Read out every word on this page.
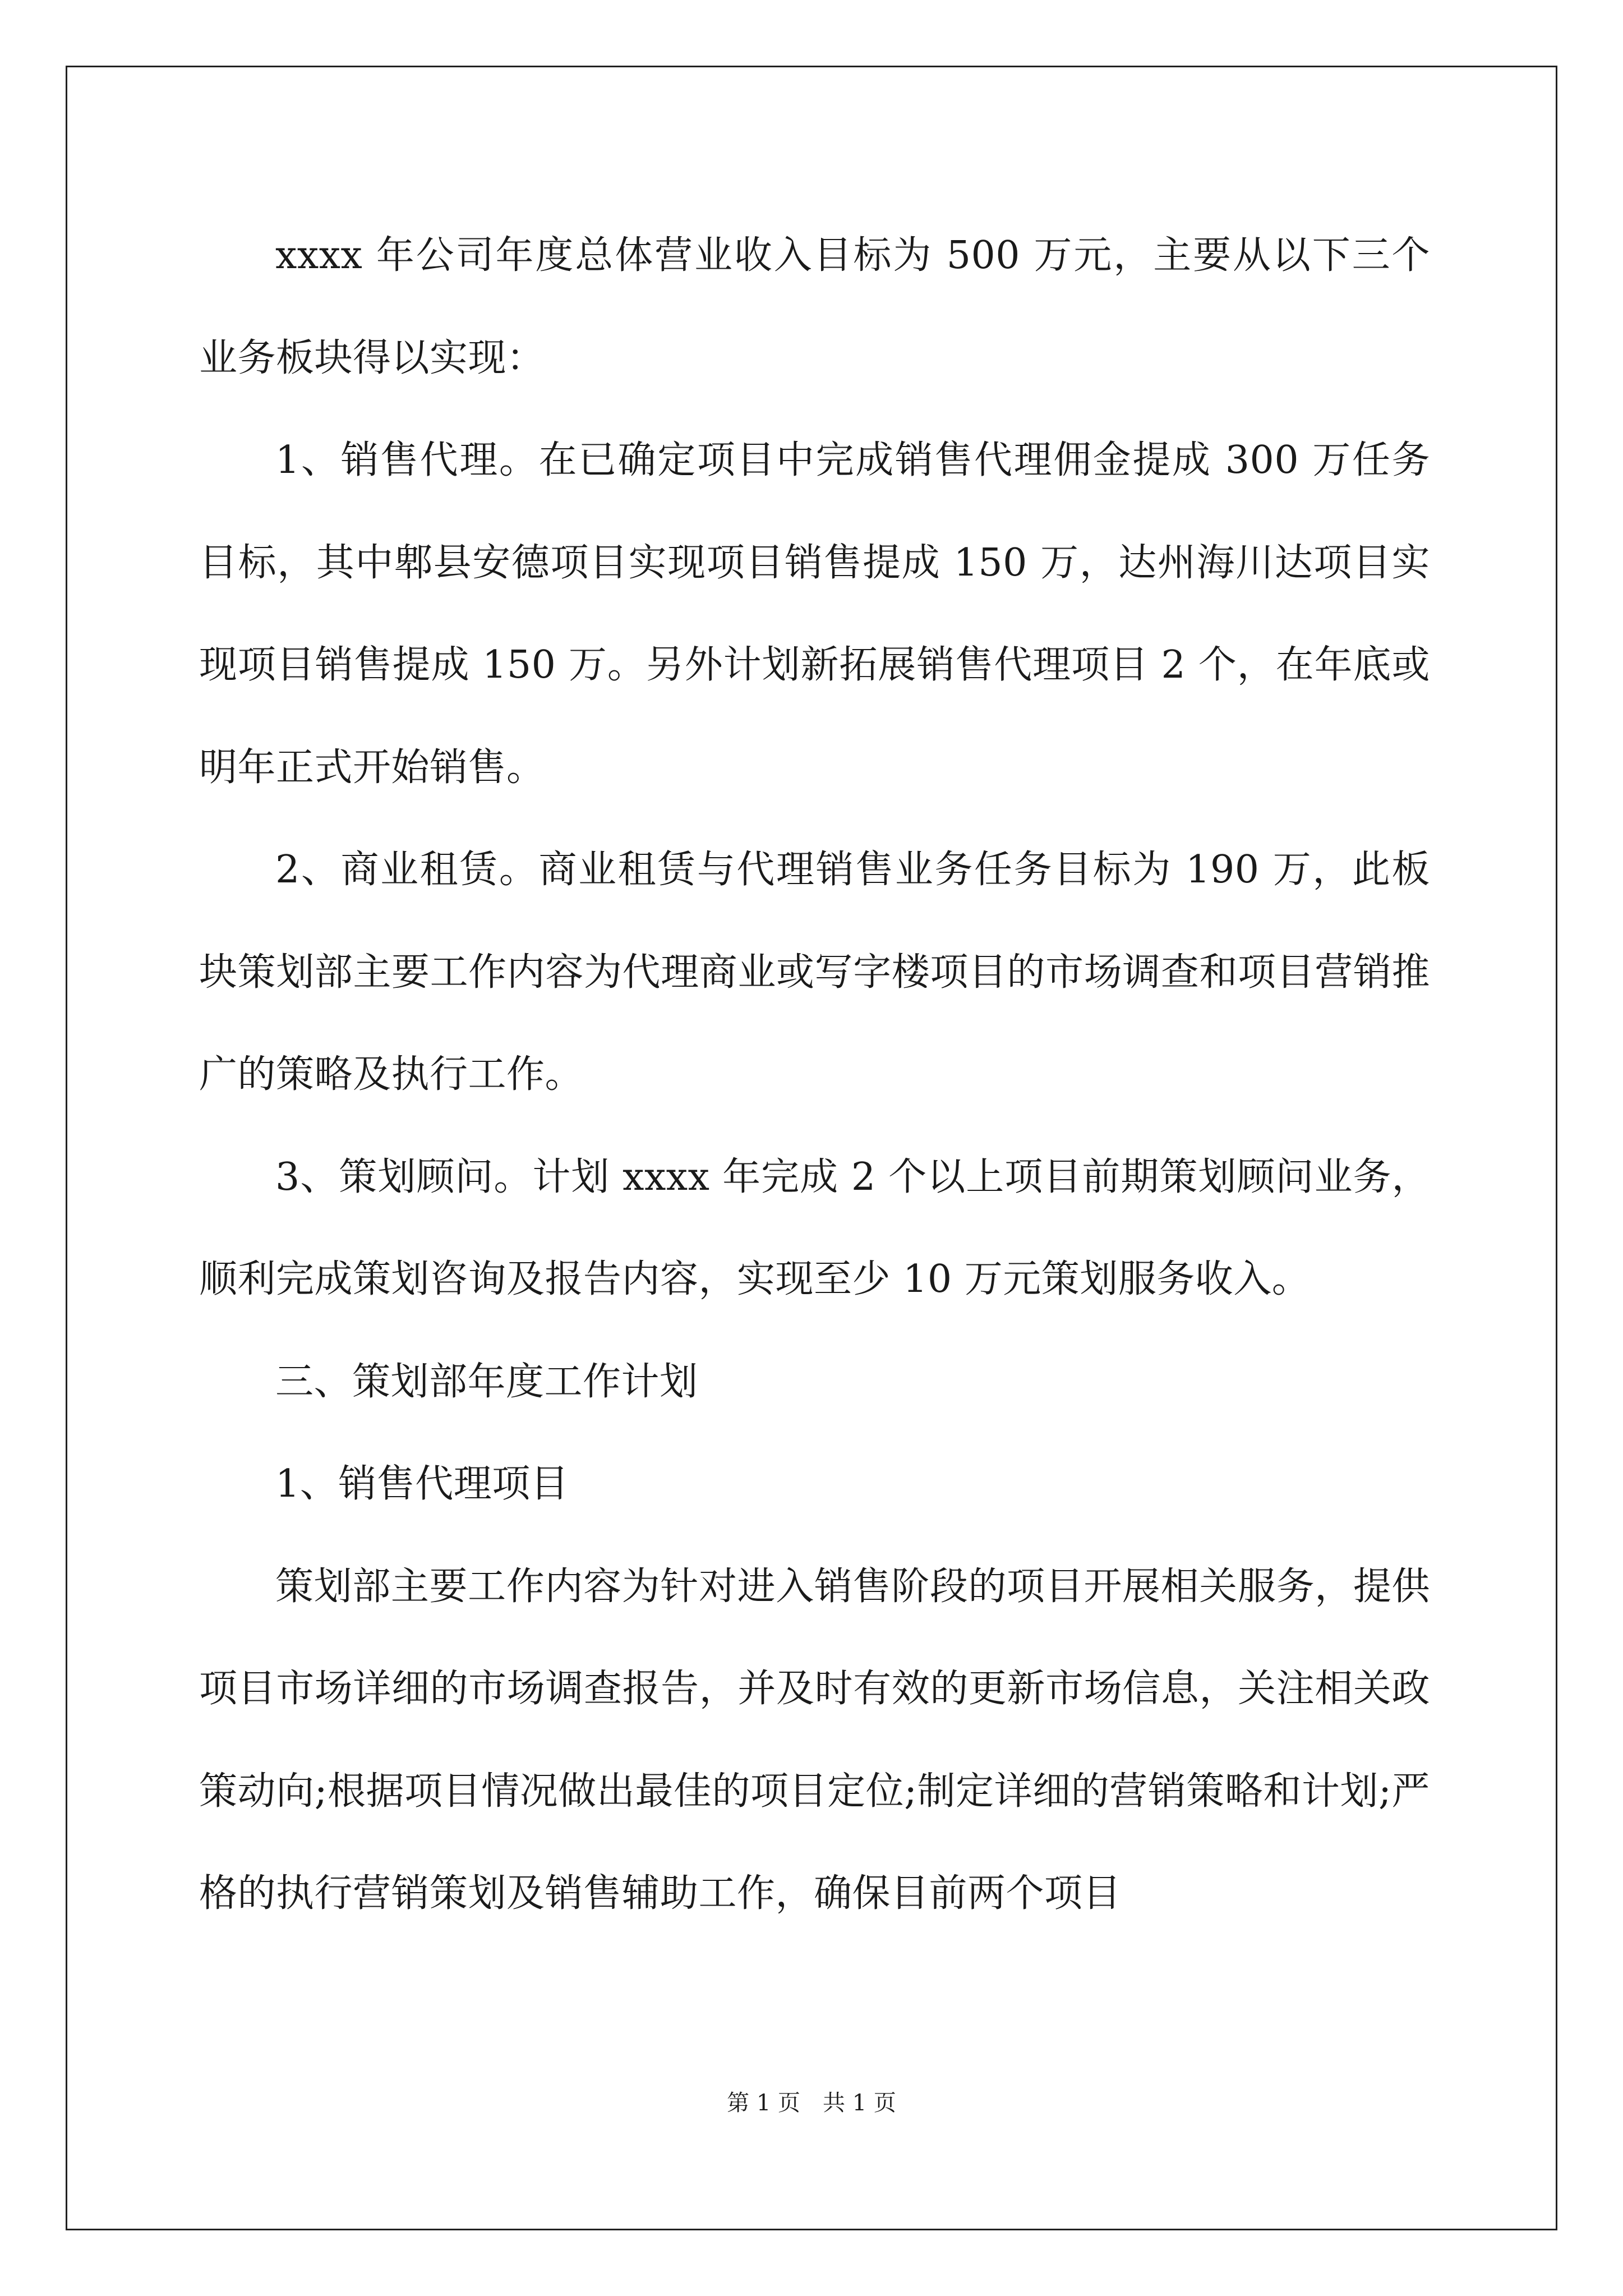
xxxx 年公司年度总体营业收入目标为 500 万元，主要从以下三个业务板块得以实现：

1、销售代理。在已确定项目中完成销售代理佣金提成 300 万任务目标，其中郫县安德项目实现项目销售提成 150 万，达州海川达项目实现项目销售提成 150 万。另外计划新拓展销售代理项目 2 个，在年底或明年正式开始销售。

2、商业租赁。商业租赁与代理销售业务任务目标为 190 万，此板块策划部主要工作内容为代理商业或写字楼项目的市场调查和项目营销推广的策略及执行工作。

3、策划顾问。计划 xxxx 年完成 2 个以上项目前期策划顾问业务，顺利完成策划咨询及报告内容，实现至少 10 万元策划服务收入。

三、策划部年度工作计划

1、销售代理项目

策划部主要工作内容为针对进入销售阶段的项目开展相关服务，提供项目市场详细的市场调查报告，并及时有效的更新市场信息，关注相关政策动向;根据项目情况做出最佳的项目定位;制定详细的营销策略和计划;严格的执行营销策划及销售辅助工作，确保目前两个项目

第 1 页 共 1 页
